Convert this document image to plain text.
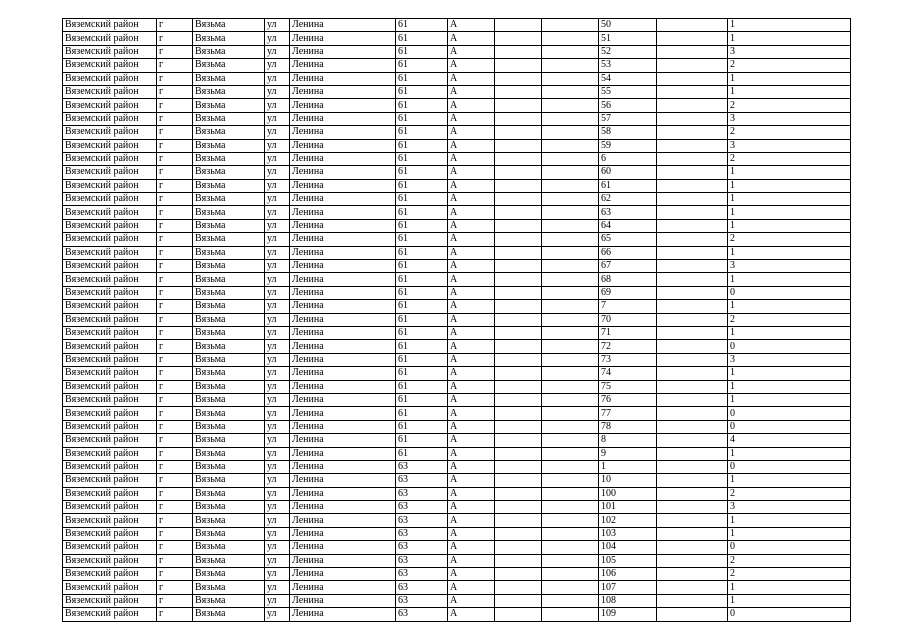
Вяземский район	г	Вязьма	ул	Ленина	61	А			50		1
Вяземский район	г	Вязьма	ул	Ленина	61	А			51		1
Вяземский район	г	Вязьма	ул	Ленина	61	А			52		3
Вяземский район	г	Вязьма	ул	Ленина	61	А			53		2
Вяземский район	г	Вязьма	ул	Ленина	61	А			54		1
Вяземский район	г	Вязьма	ул	Ленина	61	А			55		1
Вяземский район	г	Вязьма	ул	Ленина	61	А			56		2
Вяземский район	г	Вязьма	ул	Ленина	61	А			57		3
Вяземский район	г	Вязьма	ул	Ленина	61	А			58		2
Вяземский район	г	Вязьма	ул	Ленина	61	А			59		3
Вяземский район	г	Вязьма	ул	Ленина	61	А			6		2
Вяземский район	г	Вязьма	ул	Ленина	61	А			60		1
Вяземский район	г	Вязьма	ул	Ленина	61	А			61		1
Вяземский район	г	Вязьма	ул	Ленина	61	А			62		1
Вяземский район	г	Вязьма	ул	Ленина	61	А			63		1
Вяземский район	г	Вязьма	ул	Ленина	61	А			64		1
Вяземский район	г	Вязьма	ул	Ленина	61	А			65		2
Вяземский район	г	Вязьма	ул	Ленина	61	А			66		1
Вяземский район	г	Вязьма	ул	Ленина	61	А			67		3
Вяземский район	г	Вязьма	ул	Ленина	61	А			68		1
Вяземский район	г	Вязьма	ул	Ленина	61	А			69		0
Вяземский район	г	Вязьма	ул	Ленина	61	А			7		1
Вяземский район	г	Вязьма	ул	Ленина	61	А			70		2
Вяземский район	г	Вязьма	ул	Ленина	61	А			71		1
Вяземский район	г	Вязьма	ул	Ленина	61	А			72		0
Вяземский район	г	Вязьма	ул	Ленина	61	А			73		3
Вяземский район	г	Вязьма	ул	Ленина	61	А			74		1
Вяземский район	г	Вязьма	ул	Ленина	61	А			75		1
Вяземский район	г	Вязьма	ул	Ленина	61	А			76		1
Вяземский район	г	Вязьма	ул	Ленина	61	А			77		0
Вяземский район	г	Вязьма	ул	Ленина	61	А			78		0
Вяземский район	г	Вязьма	ул	Ленина	61	А			8		4
Вяземский район	г	Вязьма	ул	Ленина	61	А			9		1
Вяземский район	г	Вязьма	ул	Ленина	63	А			1		0
Вяземский район	г	Вязьма	ул	Ленина	63	А			10		1
Вяземский район	г	Вязьма	ул	Ленина	63	А			100		2
Вяземский район	г	Вязьма	ул	Ленина	63	А			101		3
Вяземский район	г	Вязьма	ул	Ленина	63	А			102		1
Вяземский район	г	Вязьма	ул	Ленина	63	А			103		1
Вяземский район	г	Вязьма	ул	Ленина	63	А			104		0
Вяземский район	г	Вязьма	ул	Ленина	63	А			105		2
Вяземский район	г	Вязьма	ул	Ленина	63	А			106		2
Вяземский район	г	Вязьма	ул	Ленина	63	А			107		1
Вяземский район	г	Вязьма	ул	Ленина	63	А			108		1
Вяземский район	г	Вязьма	ул	Ленина	63	А			109		0
